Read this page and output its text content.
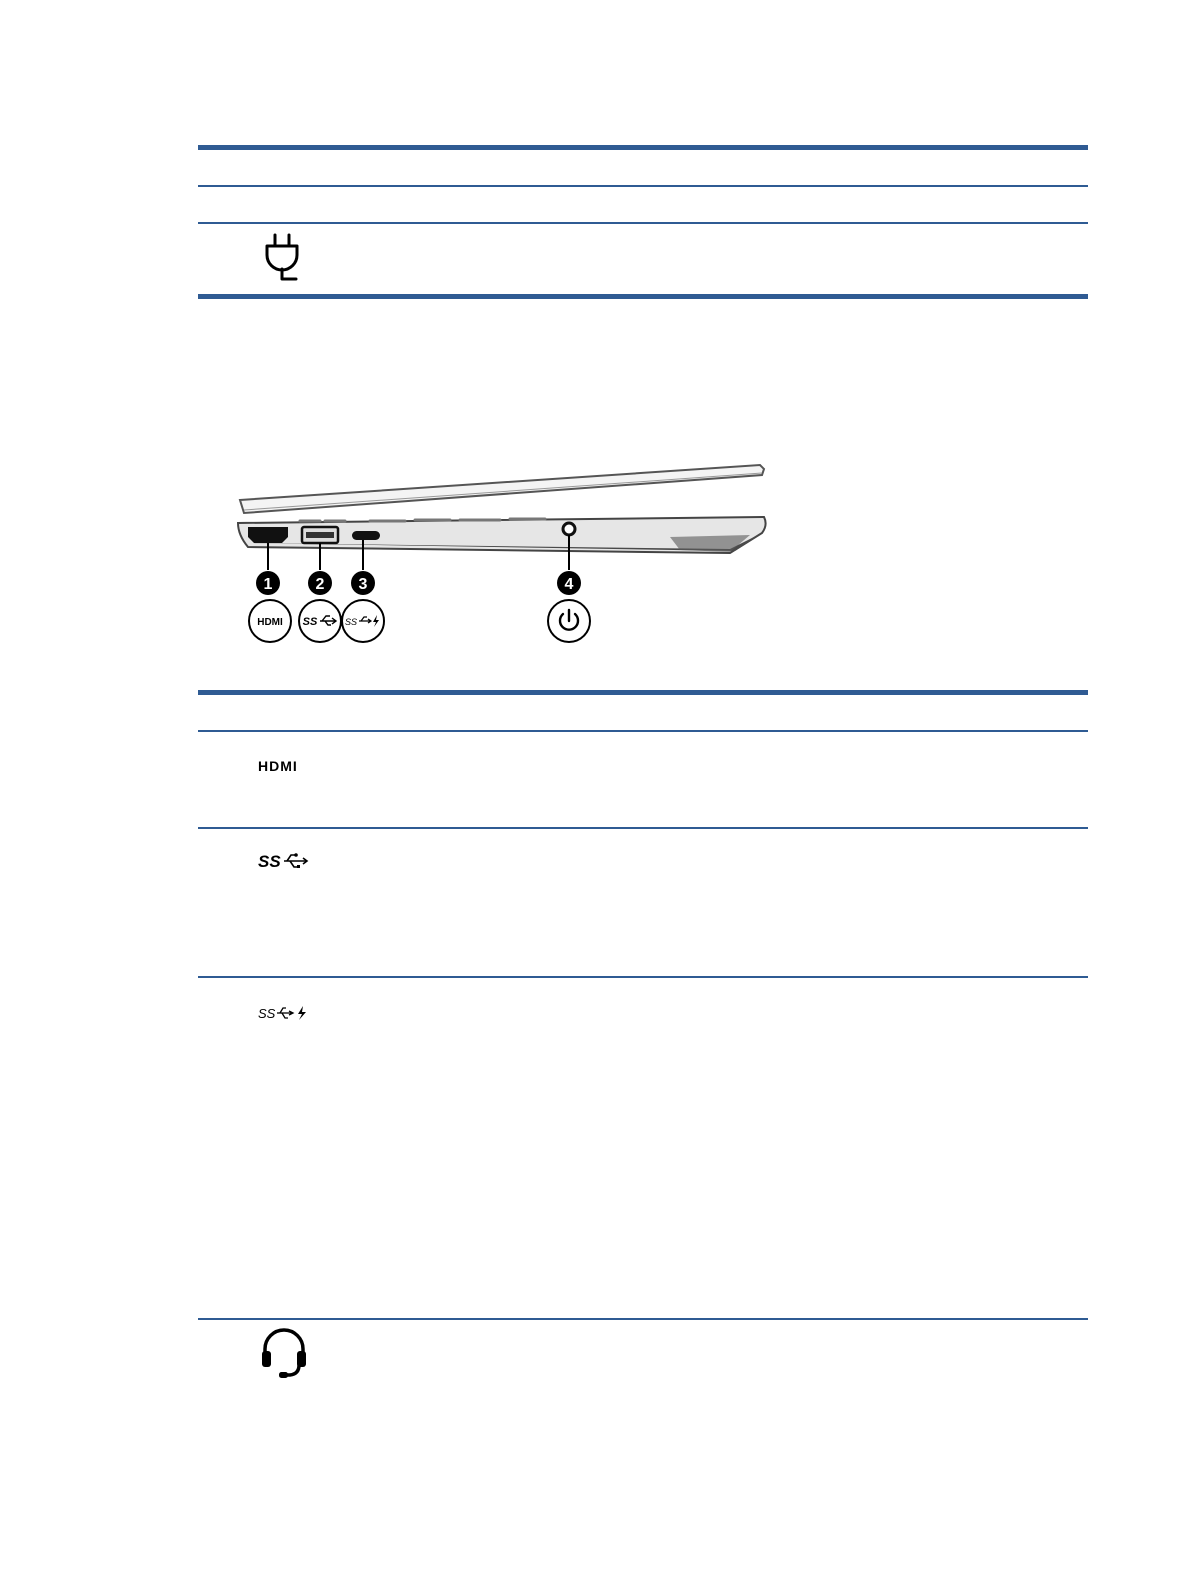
1	2 3	4
HDMI SS	SS
HDMI
SS
SS
